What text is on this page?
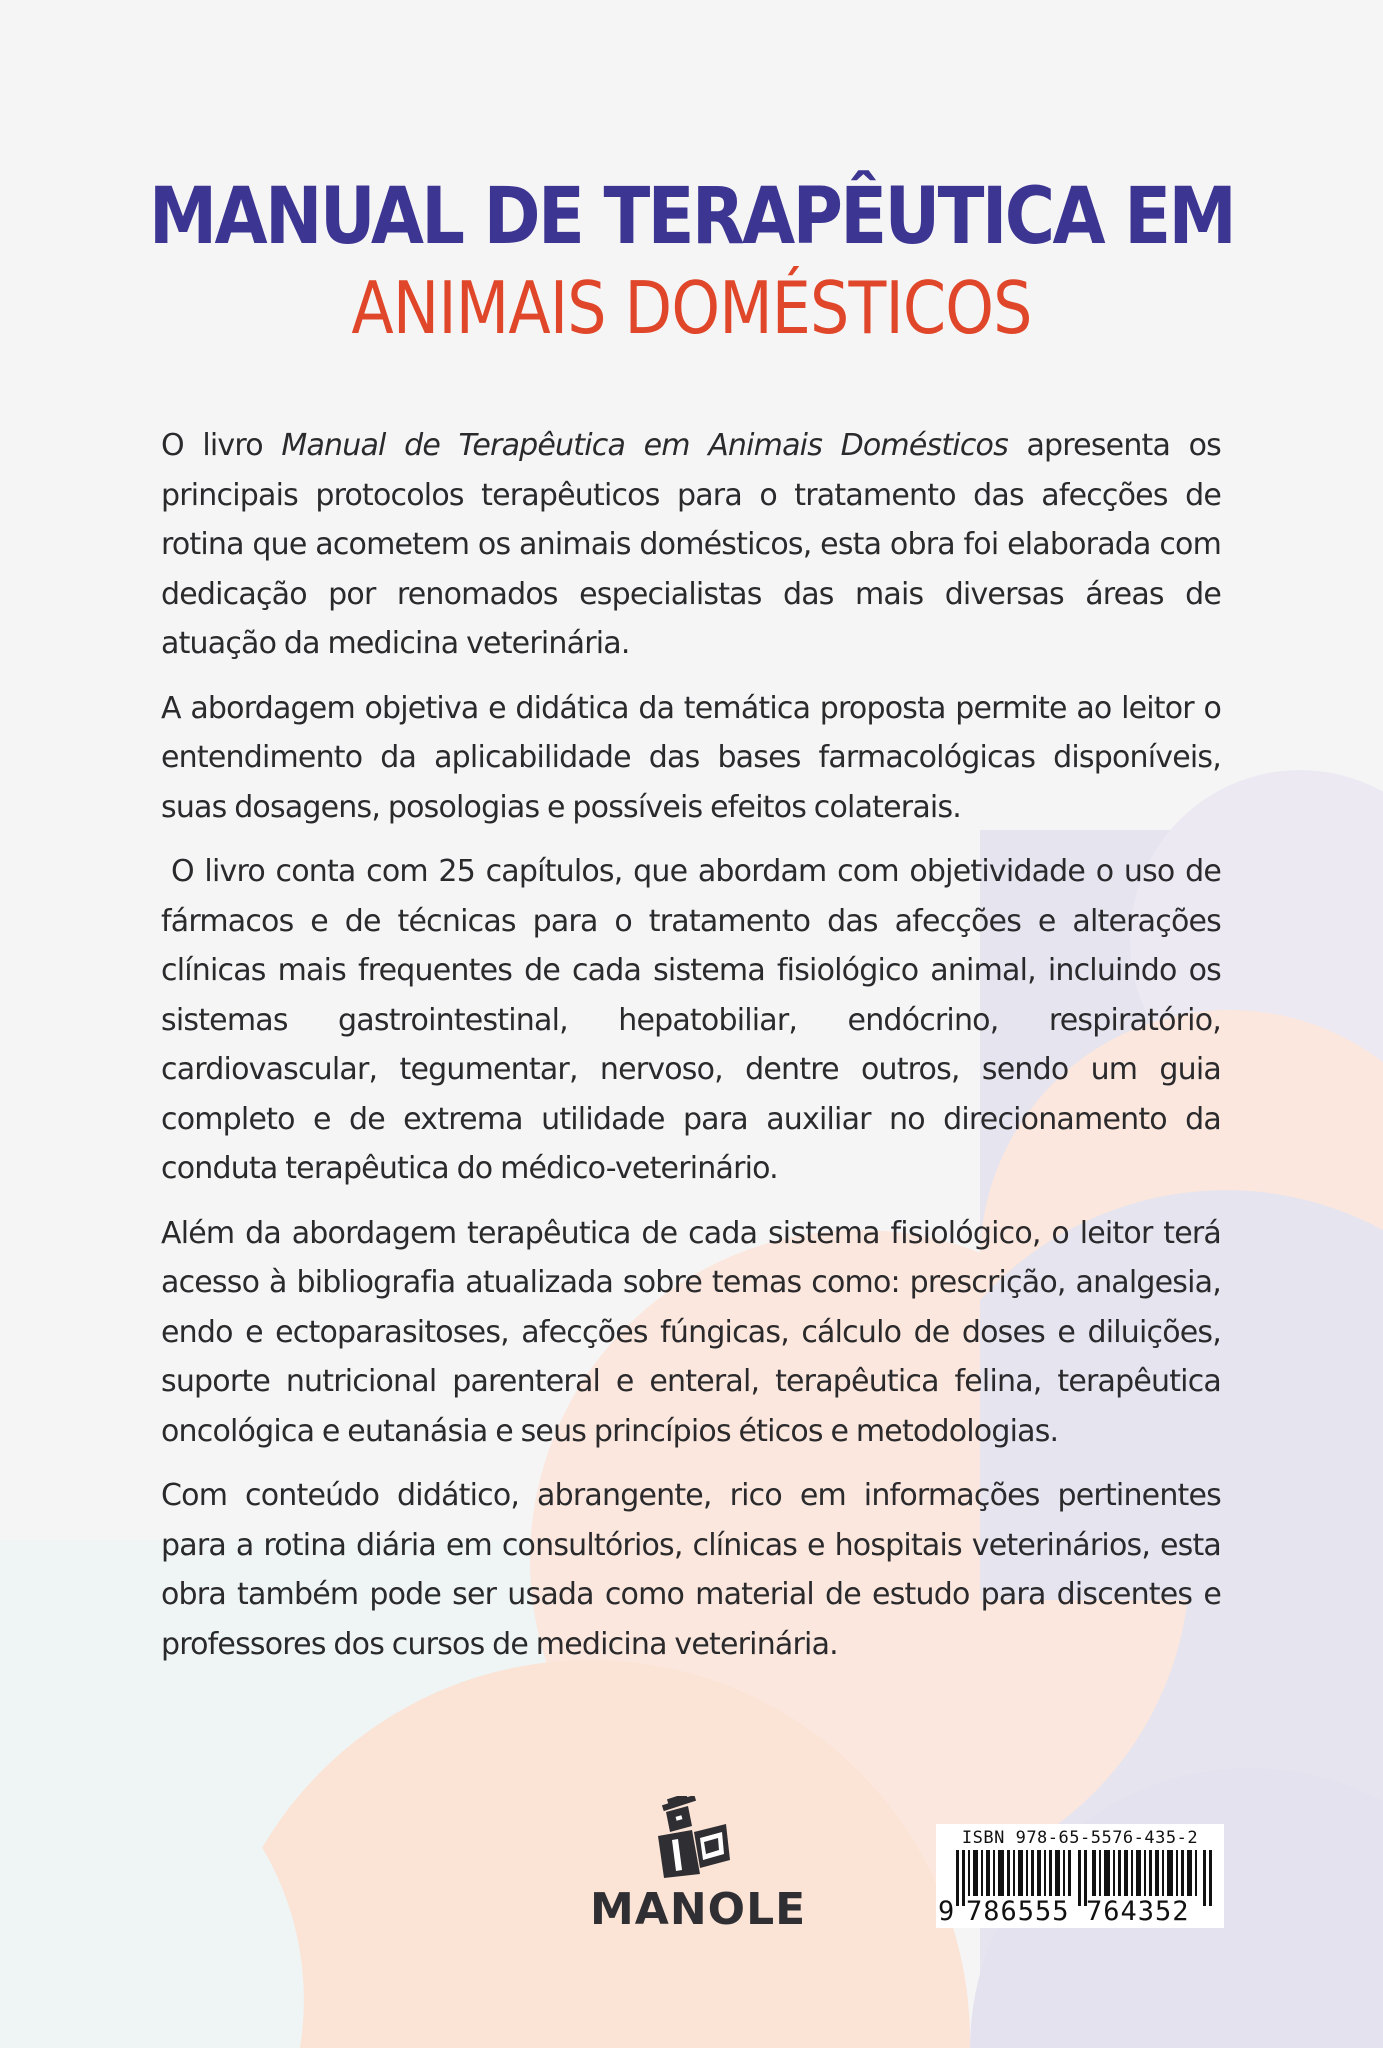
MANUAL DE TERAPÊUTICA EM
ANIMAIS DOMÉSTICOS

O livro Manual de Terapêutica em Animais Domésticos apresenta os principais protocolos terapêuticos para o tratamento das afecções de rotina que acometem os animais domésticos, esta obra foi elaborada com dedicação por renomados especialistas das mais diversas áreas de atuação da medicina veterinária.

A abordagem objetiva e didática da temática proposta permite ao leitor o entendimento da aplicabilidade das bases farmacológicas disponíveis, suas dosagens, posologias e possíveis efeitos colaterais.

O livro conta com 25 capítulos, que abordam com objetividade o uso de fármacos e de técnicas para o tratamento das afecções e alterações clínicas mais frequentes de cada sistema fisiológico animal, incluindo os sistemas gastrointestinal, hepatobiliar, endócrino, respiratório, cardiovascular, tegumentar, nervoso, dentre outros, sendo um guia completo e de extrema utilidade para auxiliar no direcionamento da conduta terapêutica do médico-veterinário.

Além da abordagem terapêutica de cada sistema fisiológico, o leitor terá acesso à bibliografia atualizada sobre temas como: prescrição, analgesia, endo e ectoparasitoses, afecções fúngicas, cálculo de doses e diluições, suporte nutricional parenteral e enteral, terapêutica felina, terapêutica oncológica e eutanásia e seus princípios éticos e metodologias.

Com conteúdo didático, abrangente, rico em informações pertinentes para a rotina diária em consultórios, clínicas e hospitais veterinários, esta obra também pode ser usada como material de estudo para discentes e professores dos cursos de medicina veterinária.

MANOLE
ISBN 978-65-5576-435-2
9 786555 764352
